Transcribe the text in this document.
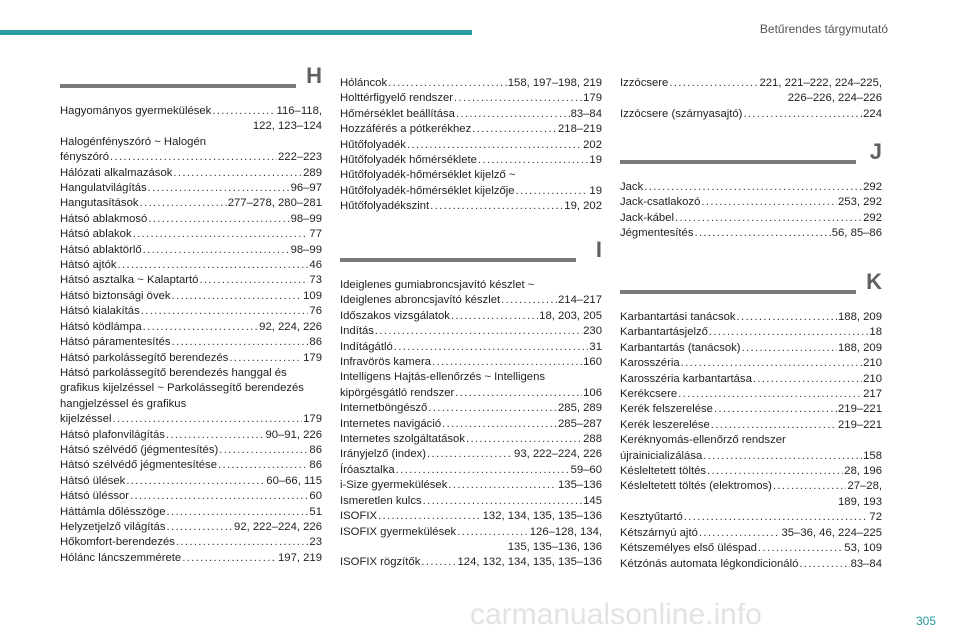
Betűrendes tárgymutató
H
Hagyományos gyermekülések . . .	116–118,
122, 123–124
Halogénfényszóró ~ Halogén
fényszóró . . .	222–223
Hálózati alkalmazások . . .	289
Hangulatvilágítás . . .	96–97
Hangutasítások . . .	277–278, 280–281
Hátsó ablakmosó . . .	98–99
Hátsó ablakok . . .	77
Hátsó ablaktörlő . . .	98–99
Hátsó ajtók . . .	46
Hátsó asztalka ~ Kalaptartó . . .	73
Hátsó biztonsági övek . . .	109
Hátsó kialakítás . . .	76
Hátsó ködlámpa . . .	92, 224, 226
Hátsó páramentesítés . . .	86
Hátsó parkolássegítő berendezés . . .	179
Hátsó parkolássegítő berendezés hanggal és grafikus kijelzéssel ~ Parkolássegítő berendezés hangjelzéssel és grafikus
kijelzéssel . . .	179
Hátsó plafonvilágítás . . .	90–91, 226
Hátsó szélvédő (jégmentesítés) . . .	86
Hátsó szélvédő jégmentesítése . . .	86
Hátsó ülések . . .	60–66, 115
Hátsó üléssor . . .	60
Háttámla dőlésszöge . . .	51
Helyzetjelző világítás . . .	92, 222–224, 226
Hőkomfort-berendezés . . .	23
Hólánc láncszemmérete . . .	197, 219
Hóláncok . . .	158, 197–198, 219
Holttérfigyelő rendszer . . .	179
Hőmérséklet beállítása . . .	83–84
Hozzáférés a pótkerékhez . . .	218–219
Hűtőfolyadék . . .	202
Hűtőfolyadék hőmérséklete . . .	19
Hűtőfolyadék-hőmérséklet kijelző ~
Hűtőfolyadék-hőmérséklet kijelzője . . .	19
Hűtőfolyadékszint . . .	19, 202
I
Ideiglenes gumiabroncsjavító készlet ~
Ideiglenes abroncsjavító készlet . . .	214–217
Időszakos vizsgálatok . . .	18, 203, 205
Indítás . . .	230
Indítágátló . . .	31
Infravörös kamera . . .	160
Intelligens Hajtás-ellenőrzés ~ Intelligens
kipörgésgátló rendszer . . .	106
Internetböngésző . . .	285, 289
Internetes navigáció . . .	285–287
Internetes szolgáltatások . . .	288
Irányjelző (index) . . .	93, 222–224, 226
Íróasztalka . . .	59–60
i-Size gyermekülések . . .	135–136
Ismeretlen kulcs . . .	145
ISOFIX . . .	132, 134, 135, 135–136
ISOFIX gyermekülések . . .	126–128, 134,
135, 135–136, 136
ISOFIX rögzítők . . .	124, 132, 134, 135, 135–136
Izzócsere . . .	221, 221–222, 224–225,
226–226, 224–226
Izzócsere (szárnyasajtó) . . .	224
J
Jack . . .	292
Jack-csatlakozó . . .	253, 292
Jack-kábel . . .	292
Jégmentesítés . . .	56, 85–86
K
Karbantartási tanácsok . . .	188, 209
Karbantartásjelző . . .	18
Karbantartás (tanácsok) . . .	188, 209
Karosszéria . . .	210
Karosszéria karbantartása . . .	210
Kerékcsere . . .	217
Kerék felszerelése . . .	219–221
Kerék leszerelése . . .	219–221
Keréknyomás-ellenőrző rendszer
újrainicializálása . . .	158
Késleltetett töltés . . .	28, 196
Késleltetett töltés (elektromos) . . .	27–28,
189, 193
Kesztyűtartó . . .	72
Kétszárnyú ajtó . . .	35–36, 46, 224–225
Kétszemélyes első üléspad . . .	53, 109
Kétzónás automata légkondicionáló . . .	83–84
carmanualsonline.info	305
